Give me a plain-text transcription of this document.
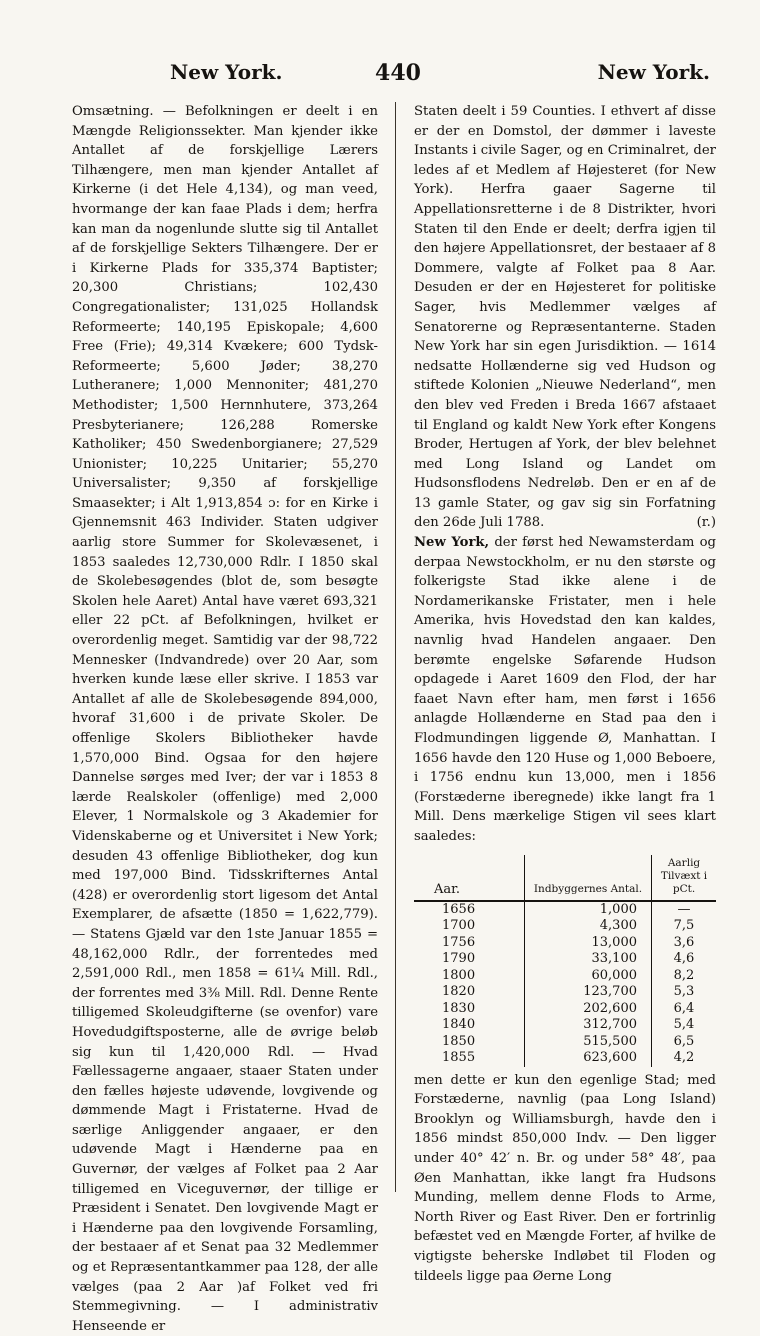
New York.	440	New York.

Omsætning. — Befolkningen er deelt i en Mængde Religionssekter. Man kjender ikke Antallet af de forskjellige Lærers Tilhængere, men man kjender Antallet af Kirkerne (i det Hele 4,134), og man veed, hvormange der kan faae Plads i dem; herfra kan man da nogenlunde slutte sig til Antallet af de forskjellige Sekters Tilhængere. Der er i Kirkerne Plads for 335,374 Baptister; 20,300 Christians; 102,430 Congregationalister; 131,025 Hollandsk Reformeerte; 140,195 Episkopale; 4,600 Free (Frie); 49,314 Kvækere; 600 Tydsk-Reformeerte; 5,600 Jøder; 38,270 Lutheranere; 1,000 Mennoniter; 481,270 Methodister; 1,500 Hernnhutere, 373,264 Presbyterianere; 126,288 Romerske Katholiker; 450 Swedenborgianere; 27,529 Unionister; 10,225 Unitarier; 55,270 Universalister; 9,350 af forskjellige Smaasekter; i Alt 1,913,854 ɔ: for en Kirke i Gjennemsnit 463 Individer. Staten udgiver aarlig store Summer for Skolevæsenet, i 1853 saaledes 12,730,000 Rdlr. I 1850 skal de Skolebesøgendes (blot de, som besøgte Skolen hele Aaret) Antal have været 693,321 eller 22 pCt. af Befolkningen, hvilket er overordenlig meget. Samtidig var der 98,722 Mennesker (Indvandrede) over 20 Aar, som hverken kunde læse eller skrive. I 1853 var Antallet af alle de Skolebesøgende 894,000, hvoraf 31,600 i de private Skoler. De offenlige Skolers Bibliotheker havde 1,570,000 Bind. Ogsaa for den højere Dannelse sørges med Iver; der var i 1853 8 lærde Realskoler (offenlige) med 2,000 Elever, 1 Normalskole og 3 Akademier for Videnskaberne og et Universitet i New York; desuden 43 offenlige Bibliotheker, dog kun med 197,000 Bind. Tidsskrifternes Antal (428) er overordenlig stort ligesom det Antal Exemplarer, de afsætte (1850 = 1,622,779). — Statens Gjæld var den 1ste Januar 1855 = 48,162,000 Rdlr., der forrentedes med 2,591,000 Rdl., men 1858 = 61¼ Mill. Rdl., der forrentes med 3⅜ Mill. Rdl. Denne Rente tilligemed Skoleudgifterne (se ovenfor) vare Hovedudgiftsposterne, alle de øvrige beløb sig kun til 1,420,000 Rdl. — Hvad Fællessagerne angaaer, staaer Staten under den fælles højeste udøvende, lovgivende og dømmende Magt i Fristaterne. Hvad de særlige Anliggender angaaer, er den udøvende Magt i Hænderne paa en Guvernør, der vælges af Folket paa 2 Aar tilligemed en Viceguvernør, der tillige er Præsident i Senatet. Den lovgivende Magt er i Hænderne paa den lovgivende Forsamling, der bestaaer af et Senat paa 32 Medlemmer og et Repræsentantkammer paa 128, der alle vælges (paa 2 Aar )af Folket ved fri Stemmegivning. — I administrativ Henseende er

Staten deelt i 59 Counties. I ethvert af disse er der en Domstol, der dømmer i laveste Instants i civile Sager, og en Criminalret, der ledes af et Medlem af Højesteret (for New York). Herfra gaaer Sagerne til Appellationsretterne i de 8 Distrikter, hvori Staten til den Ende er deelt; derfra igjen til den højere Appellationsret, der bestaaer af 8 Dommere, valgte af Folket paa 8 Aar. Desuden er der en Højesteret for politiske Sager, hvis Medlemmer vælges af Senatorerne og Repræsentanterne. Staden New York har sin egen Jurisdiktion. — 1614 nedsatte Hollænderne sig ved Hudson og stiftede Kolonien „Nieuwe Nederland“, men den blev ved Freden i Breda 1667 afstaaet til England og kaldt New York efter Kongens Broder, Hertugen af York, der blev belehnet med Long Island og Landet om Hudsonsflodens Nedreløb. Den er en af de 13 gamle Stater, og gav sig sin Forfatning den 26de Juli 1788.	(r.)

New York, der først hed Newamsterdam og derpaa Newstockholm, er nu den største og folkerigste Stad ikke alene i de Nordamerikanske Fristater, men i hele Amerika, hvis Hovedstad den kan kaldes, navnlig hvad Handelen angaaer. Den berømte engelske Søfarende Hudson opdagede i Aaret 1609 den Flod, der har faaet Navn efter ham, men først i 1656 anlagde Hollænderne en Stad paa den i Flodmundingen liggende Ø, Manhattan. I 1656 havde den 120 Huse og 1,000 Beboere, i 1756 endnu kun 13,000, men i 1856 (Forstæderne iberegnede) ikke langt fra 1 Mill. Dens mærkelige Stigen vil sees klart saaledes:

Aar.	Indbyggernes Antal.	Aarlig Tilvæxt i pCt.
1656	1,000	—
1700	4,300	7,5
1756	13,000	3,6
1790	33,100	4,6
1800	60,000	8,2
1820	123,700	5,3
1830	202,600	6,4
1840	312,700	5,4
1850	515,500	6,5
1855	623,600	4,2

men dette er kun den egenlige Stad; med Forstæderne, navnlig (paa Long Island) Brooklyn og Williamsburgh, havde den i 1856 mindst 850,000 Indv. — Den ligger under 40° 42′ n. Br. og under 58° 48′, paa Øen Manhattan, ikke langt fra Hudsons Munding, mellem denne Flods to Arme, North River og East River. Den er fortrinlig befæstet ved en Mængde Forter, af hvilke de vigtigste beherske Indløbet til Floden og tildeels ligge paa Øerne Long
